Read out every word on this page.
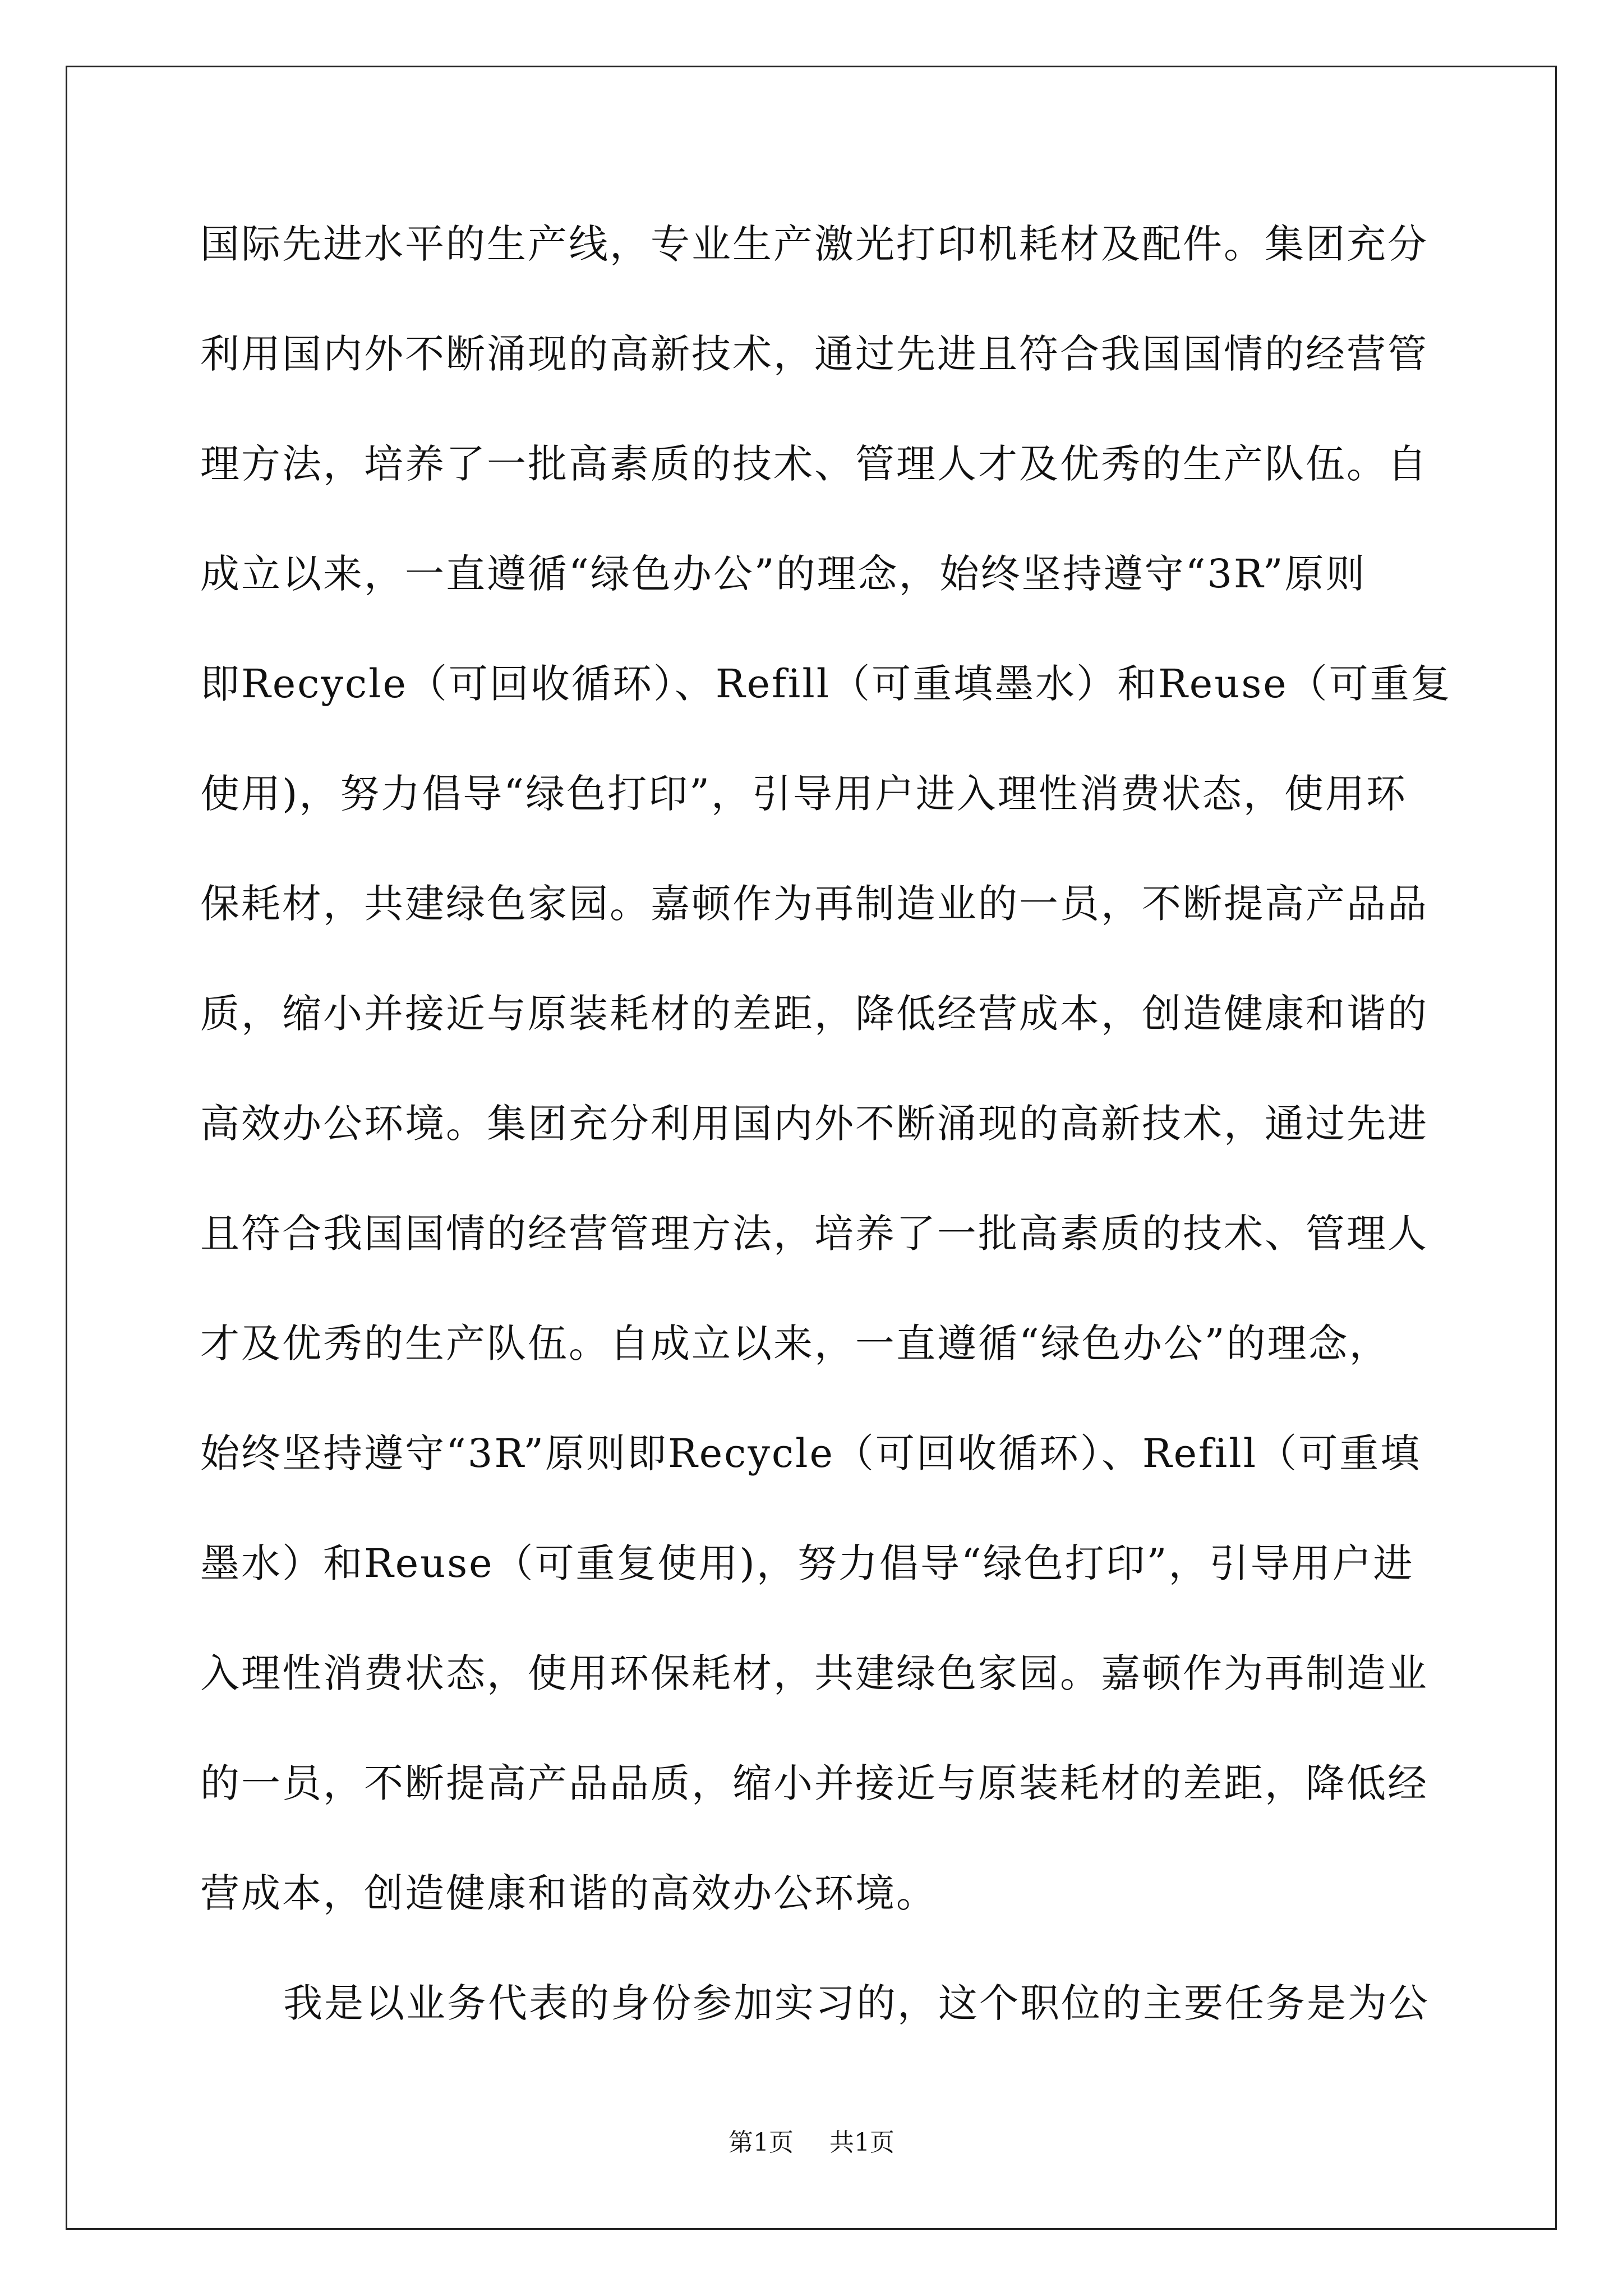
国际先进水平的生产线，专业生产激光打印机耗材及配件。集团充分
利用国内外不断涌现的高新技术，通过先进且符合我国国情的经营管
理方法，培养了一批高素质的技术、管理人才及优秀的生产队伍。自
成立以来，一直遵循“绿色办公”的理念，始终坚持遵守“3R”原则
即Recycle（可回收循环）、Refill（可重填墨水）和Reuse（可重复
使用)，努力倡导“绿色打印”，引导用户进入理性消费状态，使用环
保耗材，共建绿色家园。嘉顿作为再制造业的一员，不断提高产品品
质，缩小并接近与原装耗材的差距，降低经营成本，创造健康和谐的
高效办公环境。集团充分利用国内外不断涌现的高新技术，通过先进
且符合我国国情的经营管理方法，培养了一批高素质的技术、管理人
才及优秀的生产队伍。自成立以来，一直遵循“绿色办公”的理念，
始终坚持遵守“3R”原则即Recycle（可回收循环）、Refill（可重填
墨水）和Reuse（可重复使用)，努力倡导“绿色打印”，引导用户进
入理性消费状态，使用环保耗材，共建绿色家园。嘉顿作为再制造业
的一员，不断提高产品品质，缩小并接近与原装耗材的差距，降低经
营成本，创造健康和谐的高效办公环境。
我是以业务代表的身份参加实习的，这个职位的主要任务是为公
第1页 共1页
